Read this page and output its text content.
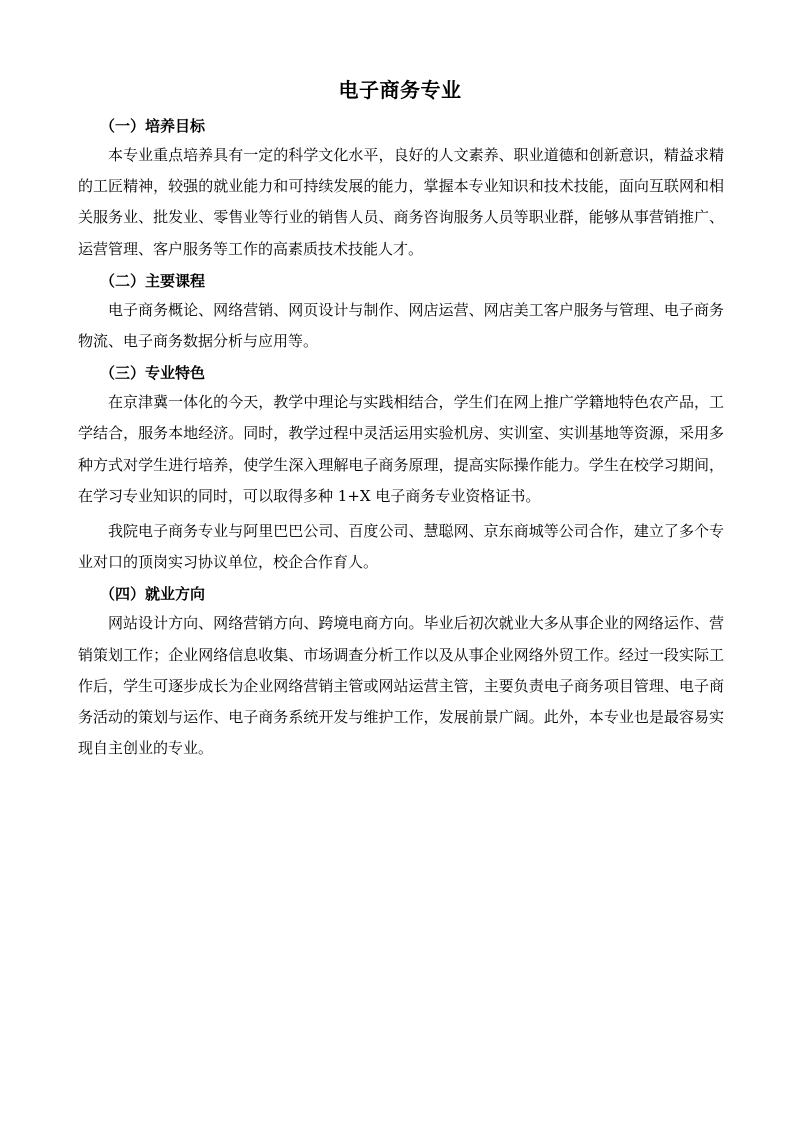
电子商务专业
（一）培养目标

本专业重点培养具有一定的科学文化水平，良好的人文素养、职业道德和创新意识，精益求精的工匠精神，较强的就业能力和可持续发展的能力，掌握本专业知识和技术技能，面向互联网和相关服务业、批发业、零售业等行业的销售人员、商务咨询服务人员等职业群，能够从事营销推广、运营管理、客户服务等工作的高素质技术技能人才。

（二）主要课程

电子商务概论、网络营销、网页设计与制作、网店运营、网店美工客户服务与管理、电子商务物流、电子商务数据分析与应用等。

（三）专业特色

在京津冀一体化的今天，教学中理论与实践相结合，学生们在网上推广学籍地特色农产品，工学结合，服务本地经济。同时，教学过程中灵活运用实验机房、实训室、实训基地等资源，采用多种方式对学生进行培养，使学生深入理解电子商务原理，提高实际操作能力。学生在校学习期间，在学习专业知识的同时，可以取得多种 1+X 电子商务专业资格证书。

我院电子商务专业与阿里巴巴公司、百度公司、慧聪网、京东商城等公司合作，建立了多个专业对口的顶岗实习协议单位，校企合作育人。

（四）就业方向

网站设计方向、网络营销方向、跨境电商方向。毕业后初次就业大多从事企业的网络运作、营销策划工作；企业网络信息收集、市场调查分析工作以及从事企业网络外贸工作。经过一段实际工作后，学生可逐步成长为企业网络营销主管或网站运营主管，主要负责电子商务项目管理、电子商务活动的策划与运作、电子商务系统开发与维护工作，发展前景广阔。此外，本专业也是最容易实现自主创业的专业。
